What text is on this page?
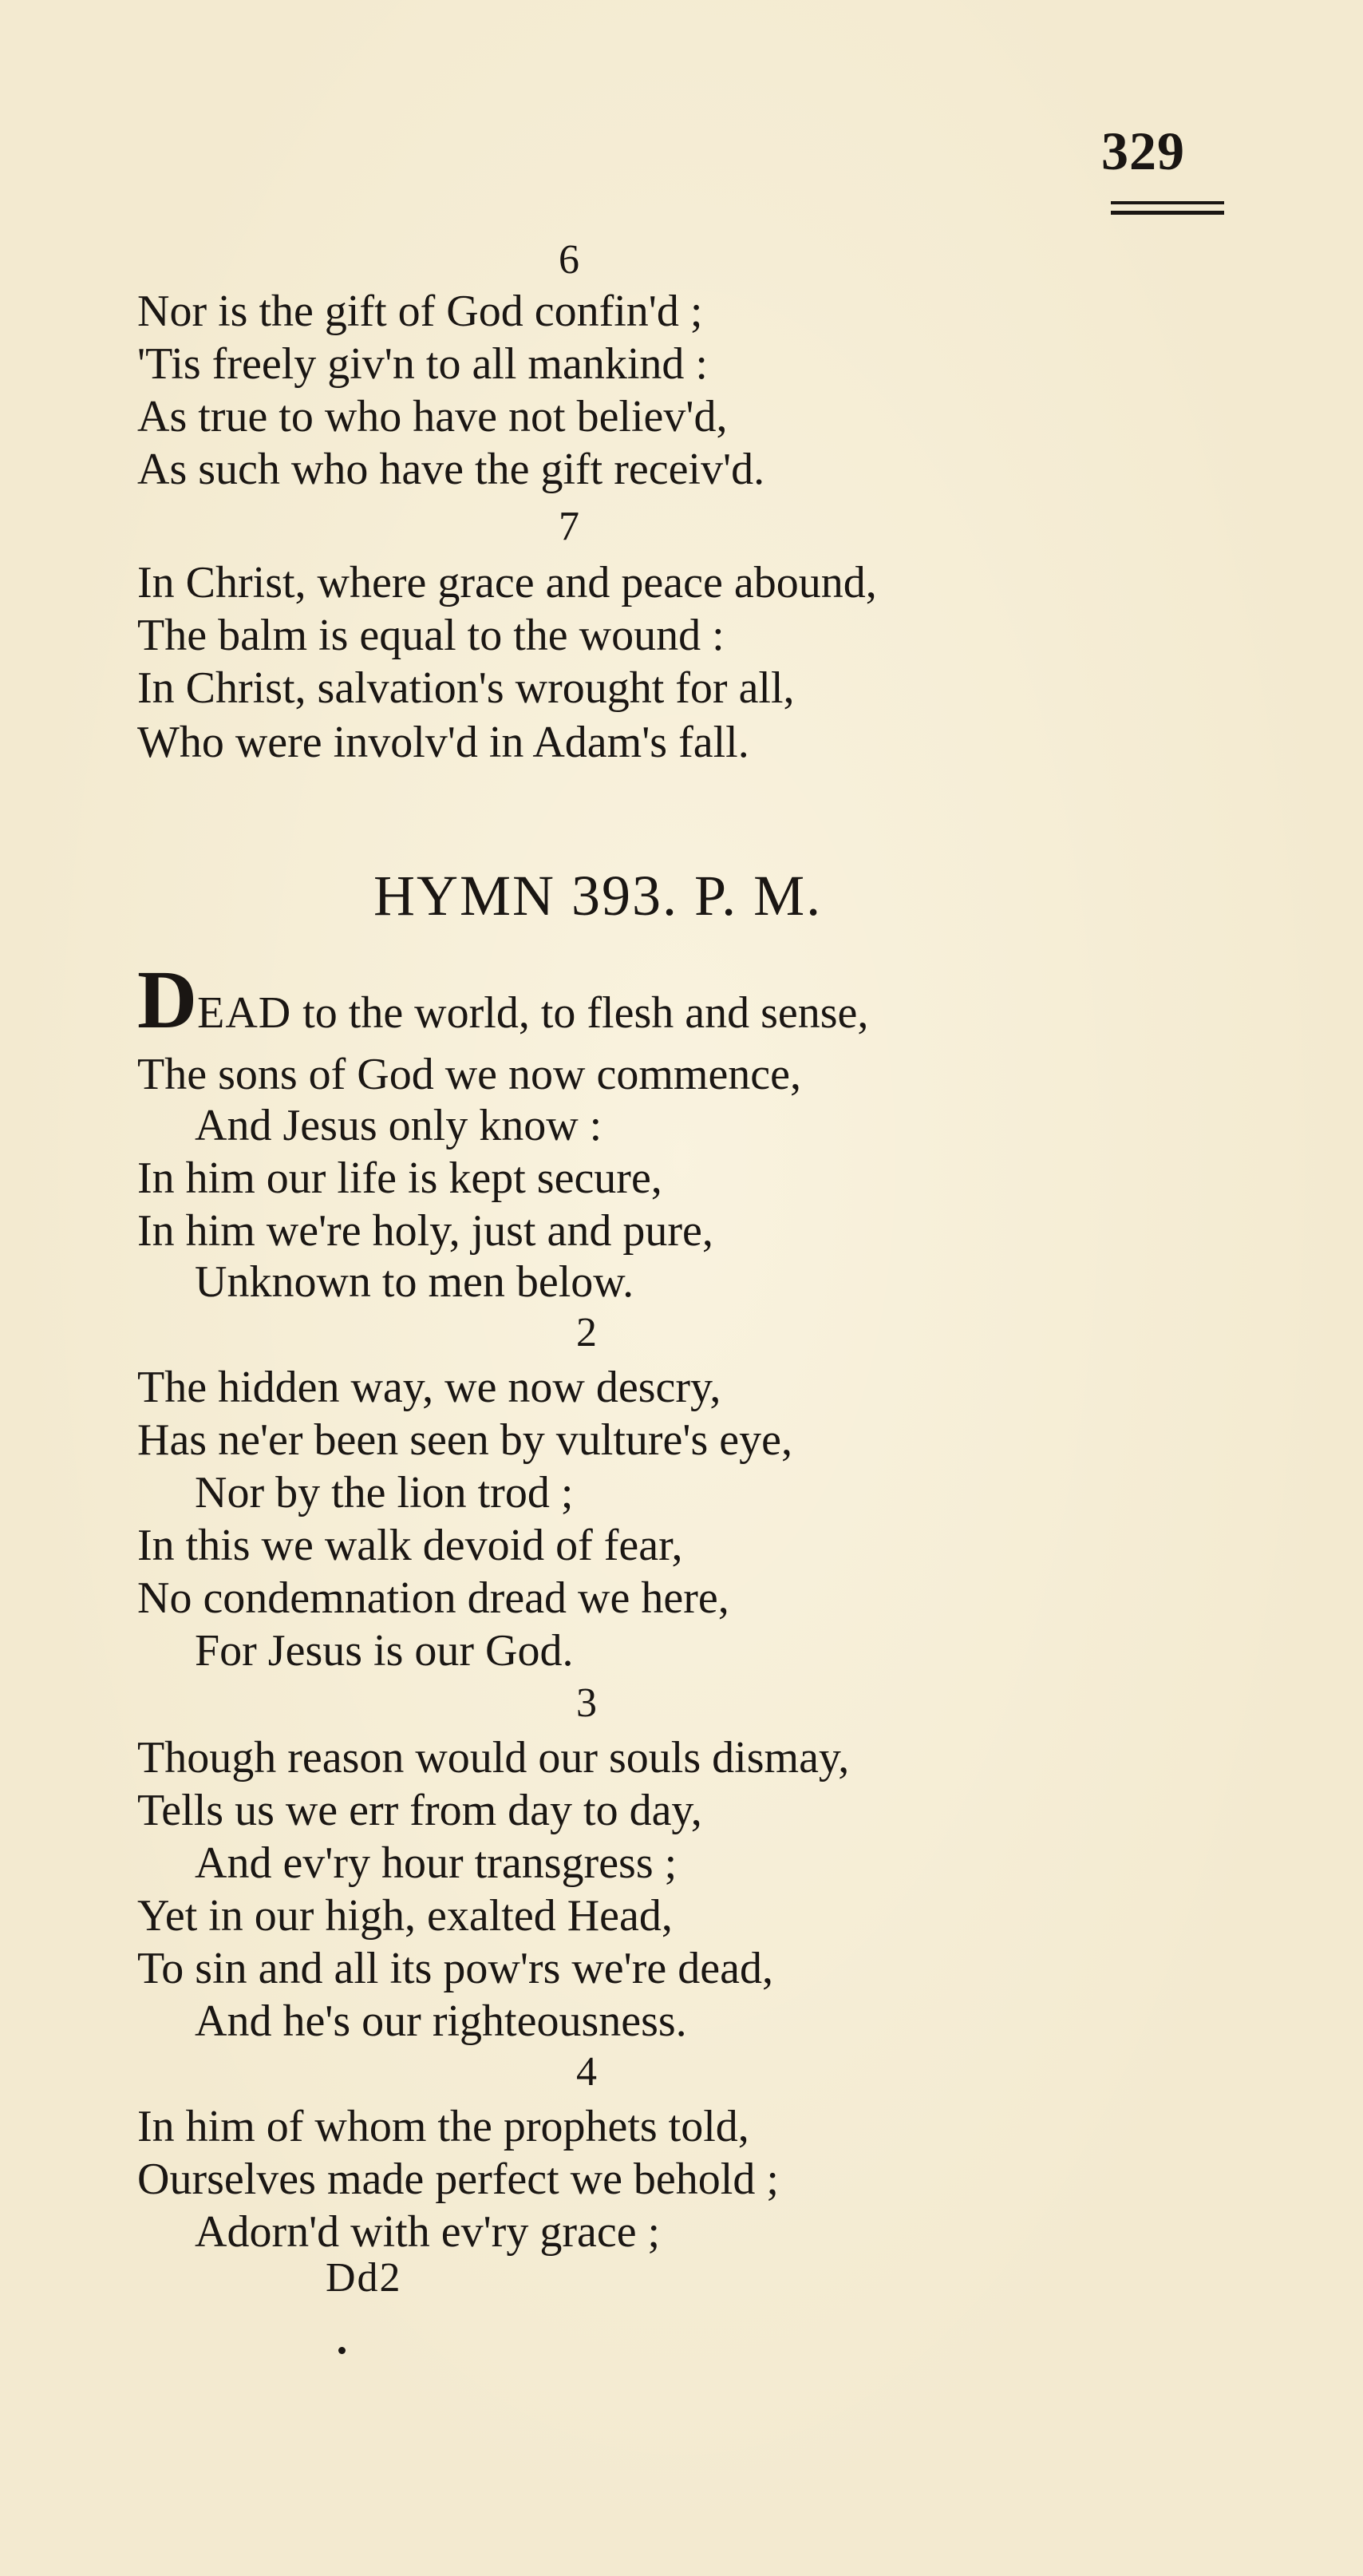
329
6
Nor is the gift of God confin'd ;
'Tis freely giv'n to all mankind :
As true to who have not believ'd,
As such who have the gift receiv'd.
7
In Christ, where grace and peace abound,
The balm is equal to the wound :
In Christ, salvation's wrought for all,
Who were involv'd in Adam's fall.
HYMN 393. P. M.
DEAD to the world, to flesh and sense,
The sons of God we now commence,
And Jesus only know :
In him our life is kept secure,
In him we're holy, just and pure,
Unknown to men below.
2
The hidden way, we now descry,
Has ne'er been seen by vulture's eye,
Nor by the lion trod ;
In this we walk devoid of fear,
No condemnation dread we here,
For Jesus is our God.
3
Though reason would our souls dismay,
Tells us we err from day to day,
And ev'ry hour transgress ;
Yet in our high, exalted Head,
To sin and all its pow'rs we're dead,
And he's our righteousness.
4
In him of whom the prophets told,
Ourselves made perfect we behold ;
Adorn'd with ev'ry grace ;
Dd2
